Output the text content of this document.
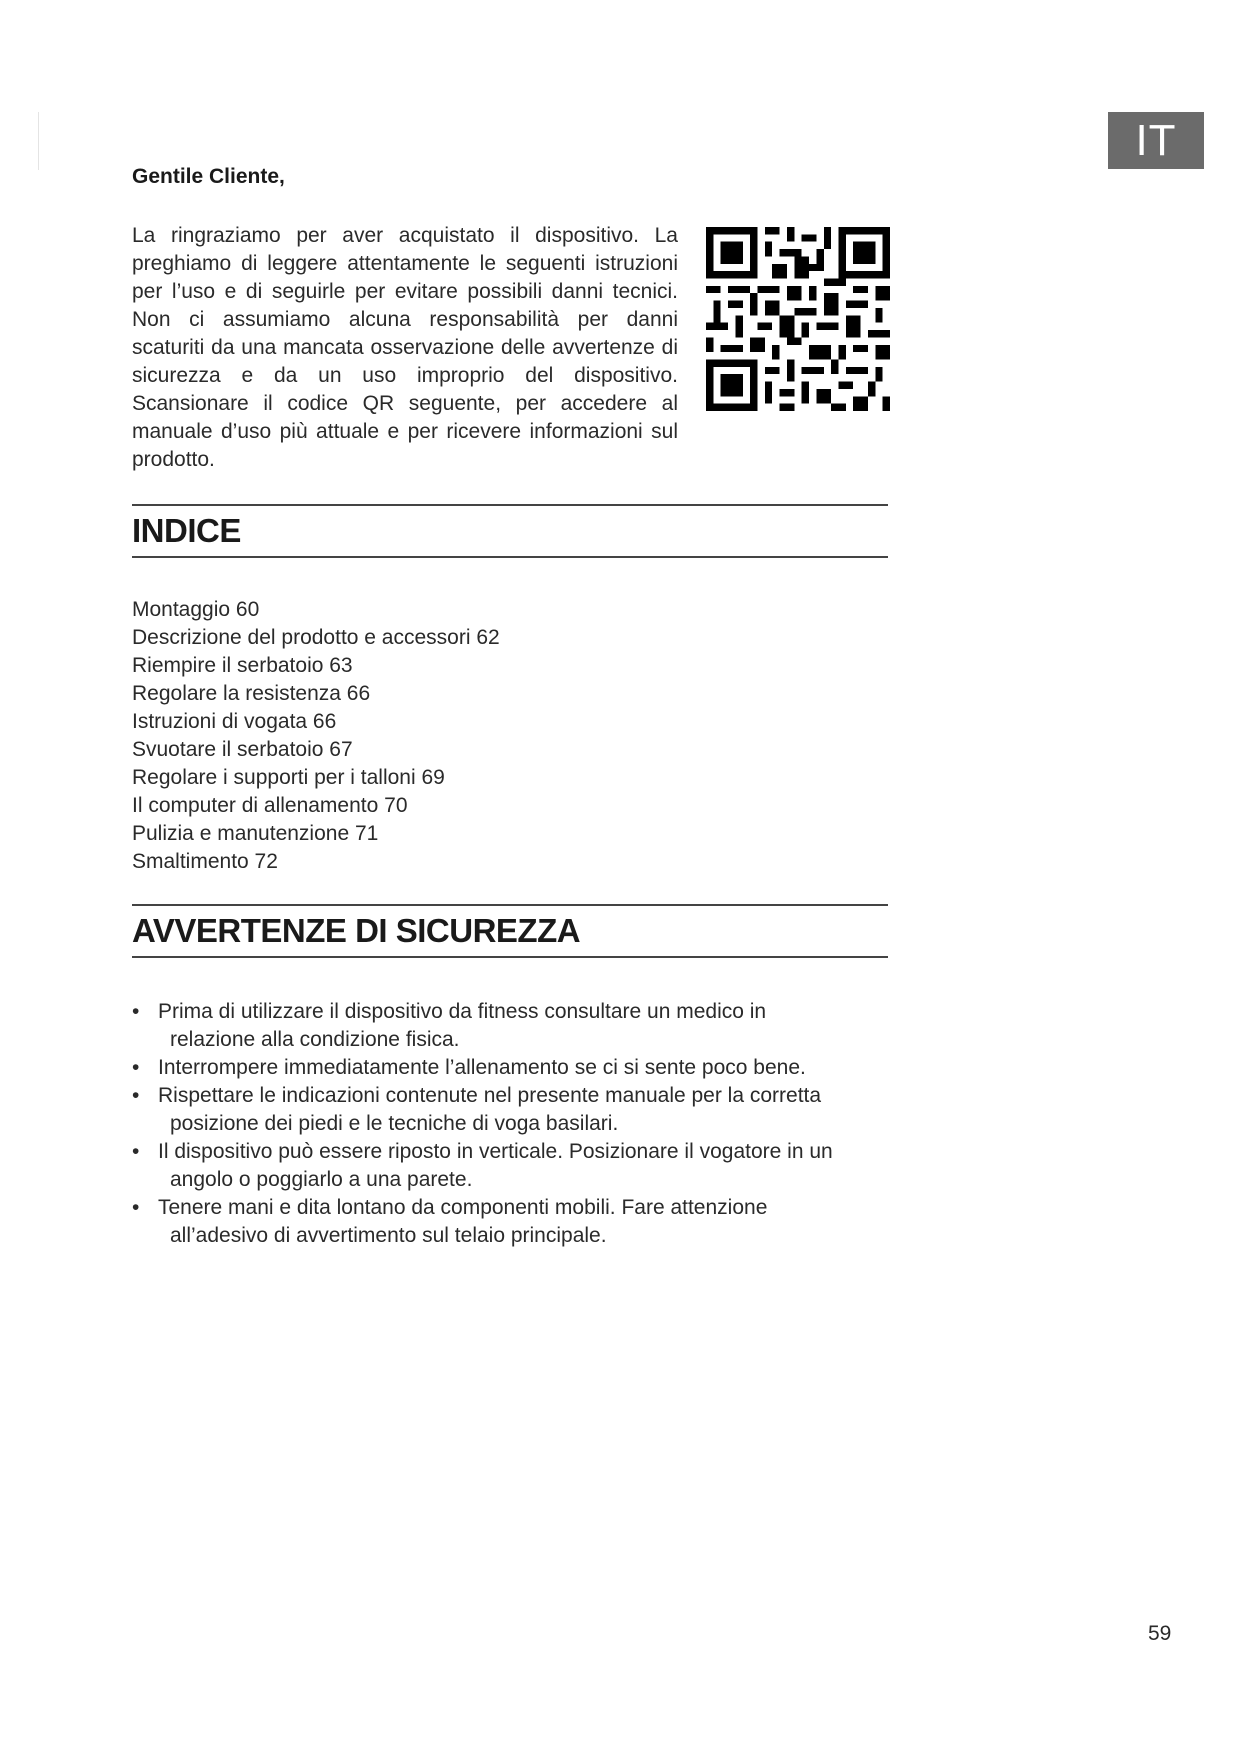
IT
Gentile Cliente,
La ringraziamo per aver acquistato il dispositivo. La preghiamo di leggere attentamente le seguenti istruzioni per l’uso e di seguirle per evitare possibili danni tecnici. Non ci assumiamo alcuna responsabilità per danni scaturiti da una mancata osservazione delle avvertenze di sicurezza e da un uso improprio del dispositivo. Scansionare il codice QR seguente, per accedere al manuale d’uso più attuale e per ricevere informazioni sul prodotto.
INDICE
Montaggio 60
Descrizione del prodotto e accessori 62
Riempire il serbatoio 63
Regolare la resistenza 66
Istruzioni di vogata 66
Svuotare il serbatoio 67
Regolare i supporti per i talloni 69
Il computer di allenamento 70
Pulizia e manutenzione 71
Smaltimento 72
AVVERTENZE DI SICUREZZA
• Prima di utilizzare il dispositivo da fitness consultare un medico in
relazione alla condizione fisica.
• Interrompere immediatamente l’allenamento se ci si sente poco bene.
• Rispettare le indicazioni contenute nel presente manuale per la corretta
posizione dei piedi e le tecniche di voga basilari.
• Il dispositivo può essere riposto in verticale. Posizionare il vogatore in un
angolo o poggiarlo a una parete.
• Tenere mani e dita lontano da componenti mobili. Fare attenzione
all’adesivo di avvertimento sul telaio principale.
59
